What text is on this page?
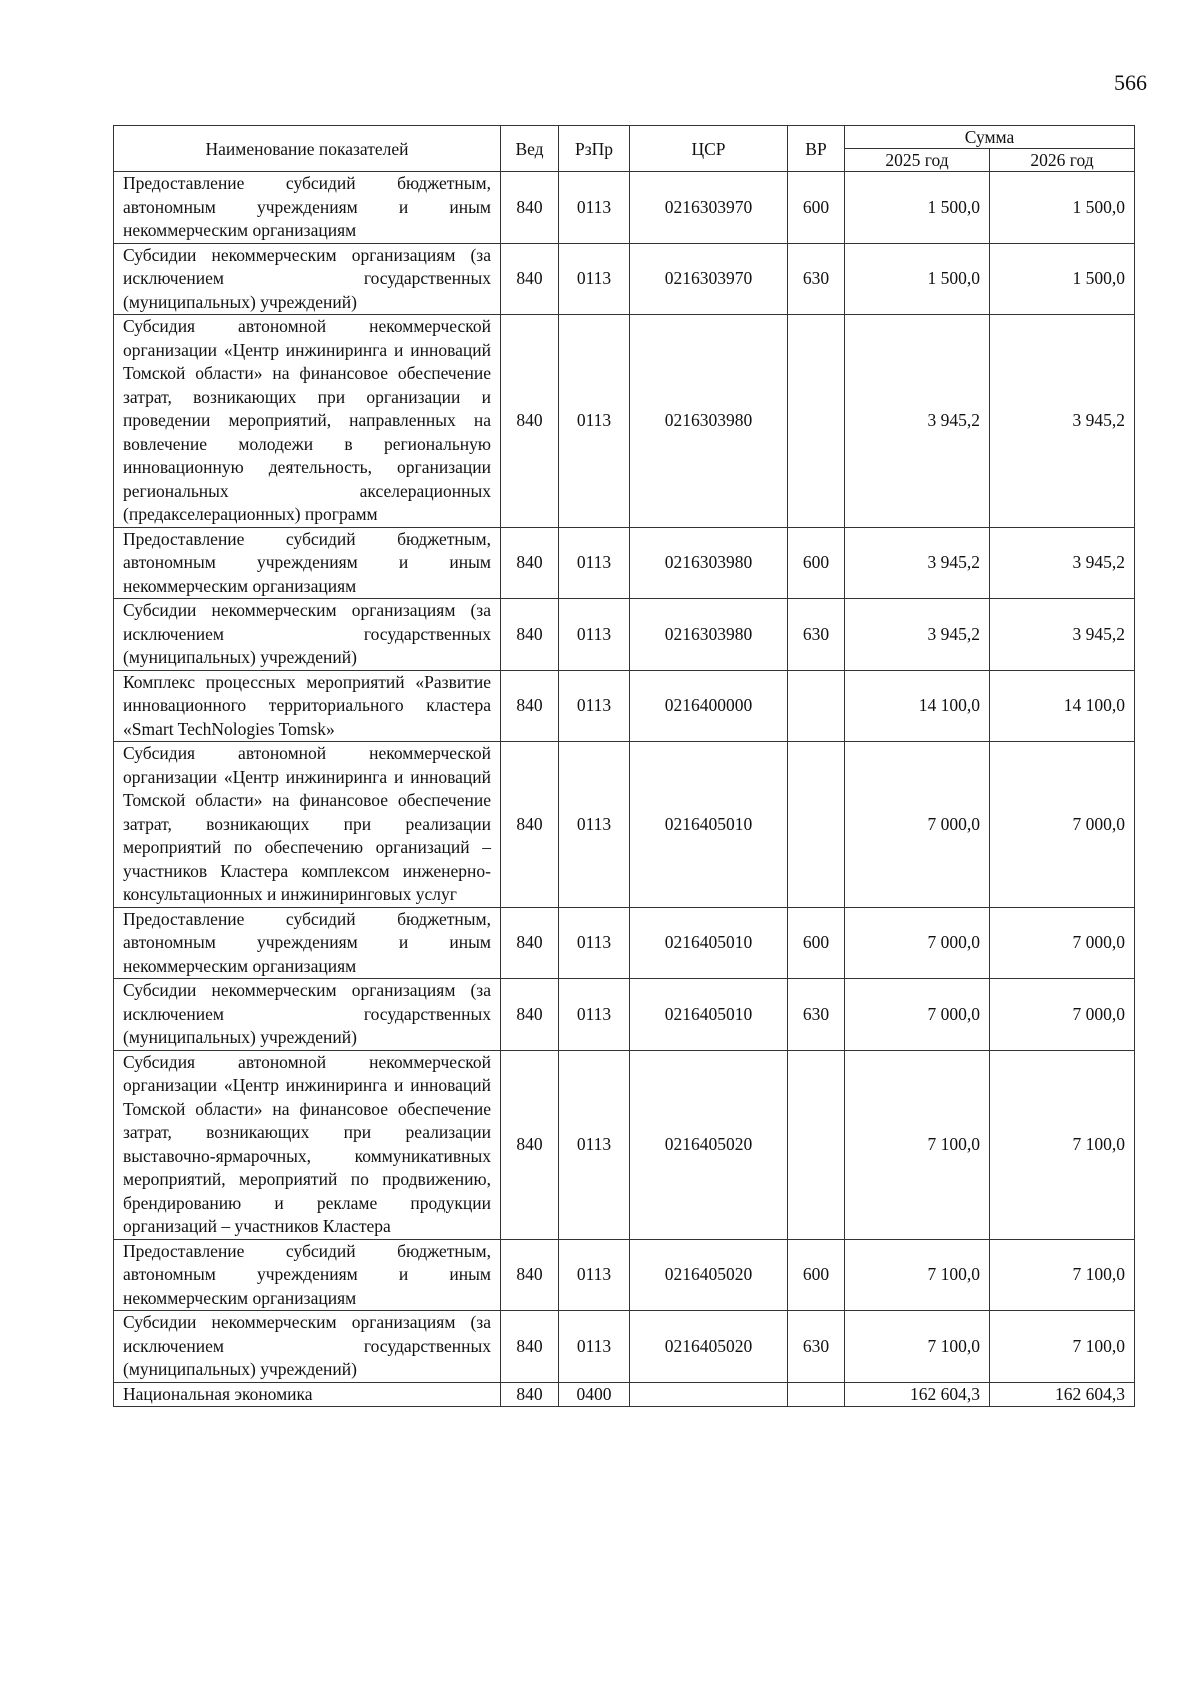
566
Наименование показателей	Вед	РзПр	ЦСР	ВР	Сумма	
					2025 год	2026 год
Предоставление субсидий бюджетным, автономным учреждениям и иным некоммерческим организациям	840	0113	0216303970	600	1 500,0	1 500,0
Субсидии некоммерческим организациям (за исключением государственных (муниципальных) учреждений)	840	0113	0216303970	630	1 500,0	1 500,0
Субсидия автономной некоммерческой организации «Центр инжиниринга и инноваций Томской области» на финансовое обеспечение затрат, возникающих при организации и проведении мероприятий, направленных на вовлечение молодежи в региональную инновационную деятельность, организации региональных акселерационных (предакселерационных) программ	840	0113	0216303980		3 945,2	3 945,2
Предоставление субсидий бюджетным, автономным учреждениям и иным некоммерческим организациям	840	0113	0216303980	600	3 945,2	3 945,2
Субсидии некоммерческим организациям (за исключением государственных (муниципальных) учреждений)	840	0113	0216303980	630	3 945,2	3 945,2
Комплекс процессных мероприятий «Развитие инновационного территориального кластера «Smart TechNologies Tomsk»	840	0113	0216400000		14 100,0	14 100,0
Субсидия автономной некоммерческой организации «Центр инжиниринга и инноваций Томской области» на финансовое обеспечение затрат, возникающих при реализации мероприятий по обеспечению организаций – участников Кластера комплексом инженерно-консультационных и инжиниринговых услуг	840	0113	0216405010		7 000,0	7 000,0
Предоставление субсидий бюджетным, автономным учреждениям и иным некоммерческим организациям	840	0113	0216405010	600	7 000,0	7 000,0
Субсидии некоммерческим организациям (за исключением государственных (муниципальных) учреждений)	840	0113	0216405010	630	7 000,0	7 000,0
Субсидия автономной некоммерческой организации «Центр инжиниринга и инноваций Томской области» на финансовое обеспечение затрат, возникающих при реализации выставочно-ярмарочных, коммуникативных мероприятий, мероприятий по продвижению, брендированию и рекламе продукции организаций – участников Кластера	840	0113	0216405020		7 100,0	7 100,0
Предоставление субсидий бюджетным, автономным учреждениям и иным некоммерческим организациям	840	0113	0216405020	600	7 100,0	7 100,0
Субсидии некоммерческим организациям (за исключением государственных (муниципальных) учреждений)	840	0113	0216405020	630	7 100,0	7 100,0
Национальная экономика	840	0400			162 604,3	162 604,3
